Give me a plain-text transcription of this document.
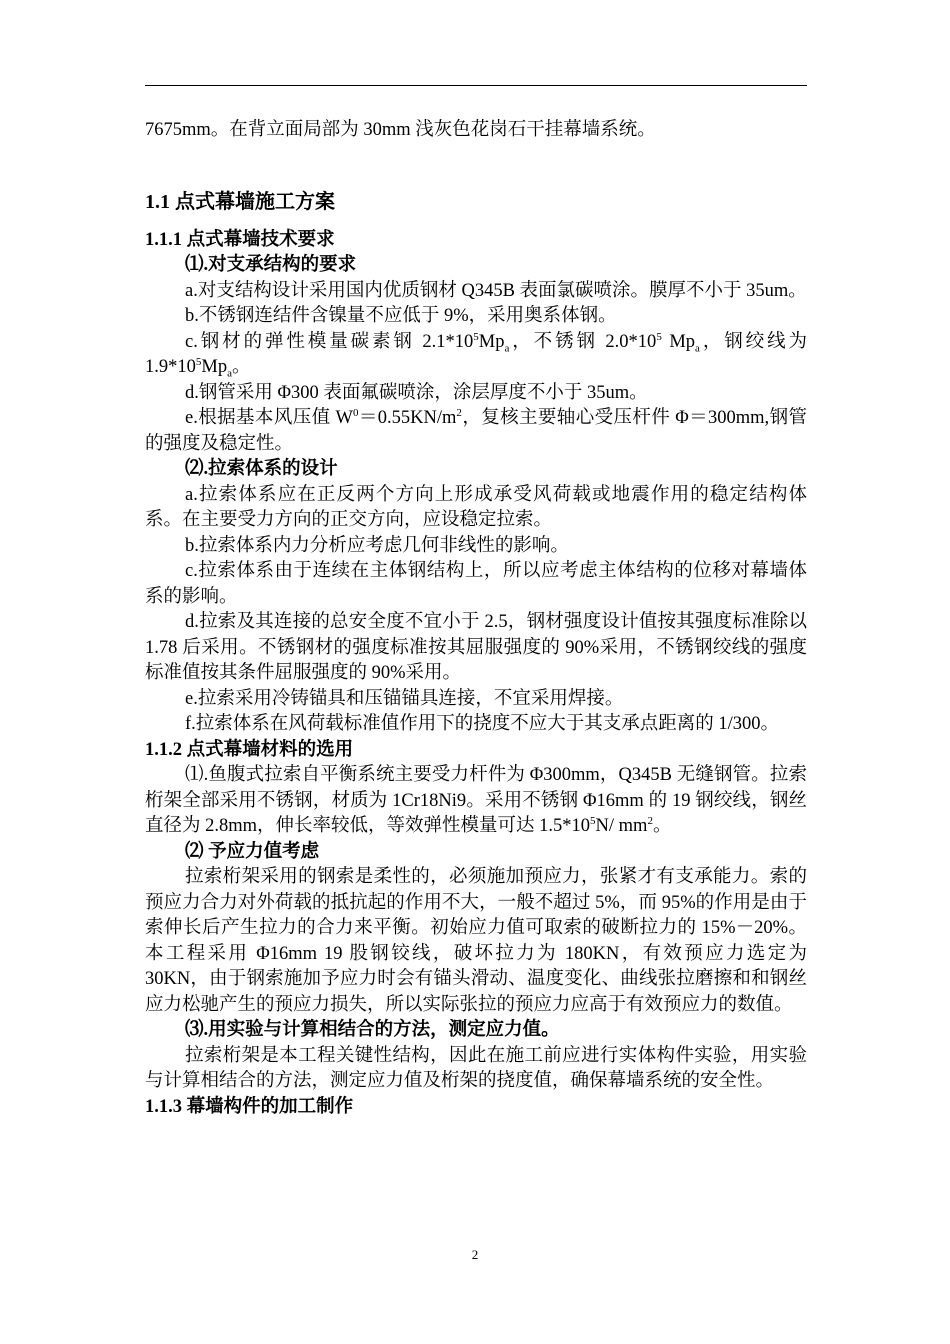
7675mm。在背立面局部为 30mm 浅灰色花岗石干挂幕墙系统。

1.1 点式幕墙施工方案

1.1.1 点式幕墙技术要求

⑴.对支承结构的要求

a.对支结构设计采用国内优质钢材 Q345B 表面氯碳喷涂。膜厚不小于 35um。

b.不锈钢连结件含镍量不应低于 9%，采用奥系体钢。

c.钢材的弹性模量碳素钢 $2.1*10^5Mp_a$，不锈钢 $2.0*10^5$ $Mp_a$，钢绞线为 $1.9*10^5Mp_a$。

d.钢管采用 Φ300 表面氟碳喷涂，涂层厚度不小于 35um。

e.根据基本风压值 $W^0=0.55KN/m^2$，复核主要轴心受压杆件 Φ＝300mm,钢管的强度及稳定性。

⑵.拉索体系的设计

a.拉索体系应在正反两个方向上形成承受风荷载或地震作用的稳定结构体系。在主要受力方向的正交方向，应设稳定拉索。

b.拉索体系内力分析应考虑几何非线性的影响。

c.拉索体系由于连续在主体钢结构上，所以应考虑主体结构的位移对幕墙体系的影响。

d.拉索及其连接的总安全度不宜小于 2.5，钢材强度设计值按其强度标准除以 1.78 后采用。不锈钢材的强度标准按其屈服强度的 90%采用，不锈钢绞线的强度标准值按其条件屈服强度的 90%采用。

e.拉索采用冷铸锚具和压锚锚具连接，不宜采用焊接。

f.拉索体系在风荷载标准值作用下的挠度不应大于其支承点距离的 1/300。

1.1.2 点式幕墙材料的选用

⑴.鱼腹式拉索自平衡系统主要受力杆件为 Φ300mm，Q345B 无缝钢管。拉索桁架全部采用不锈钢，材质为 1Cr18Ni9。采用不锈钢 Φ16mm 的 19 钢绞线，钢丝直径为 2.8mm，伸长率较低，等效弹性模量可达 $1.5*10^5N/$ $mm^2$。

⑵ 予应力值考虑

拉索桁架采用的钢索是柔性的，必须施加预应力，张紧才有支承能力。索的预应力合力对外荷载的抵抗起的作用不大，一般不超过 5%，而 95%的作用是由于索伸长后产生拉力的合力来平衡。初始应力值可取索的破断拉力的 15%－20%。本工程采用 Φ16mm 19 股钢铰线，破坏拉力为 180KN，有效预应力选定为 30KN，由于钢索施加予应力时会有锚头滑动、温度变化、曲线张拉磨擦和和钢丝应力松驰产生的预应力损失，所以实际张拉的预应力应高于有效预应力的数值。

⑶.用实验与计算相结合的方法，测定应力值。

拉索桁架是本工程关键性结构，因此在施工前应进行实体构件实验，用实验与计算相结合的方法，测定应力值及桁架的挠度值，确保幕墙系统的安全性。

1.1.3 幕墙构件的加工制作

2
